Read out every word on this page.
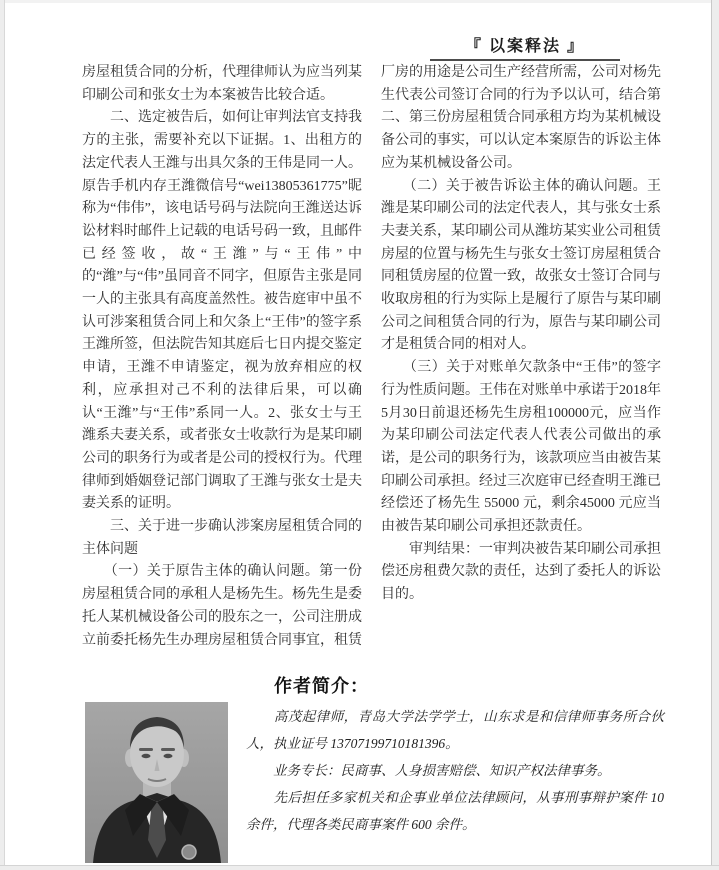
『 以案释法 』

房屋租赁合同的分析，代理律师认为应当列某印刷公司和张女士为本案被告比较合适。

　　二、选定被告后，如何让审判法官支持我方的主张，需要补充以下证据。1、出租方的法定代表人王潍与出具欠条的王伟是同一人。原告手机内存王潍微信号“wei13805361775”昵称为“伟伟”，该电话号码与法院向王潍送达诉讼材料时邮件上记载的电话号码一致，且邮件已经签收，故“王潍”与“王伟”中的“潍”与“伟”虽同音不同字，但原告主张是同一人的主张具有高度盖然性。被告庭审中虽不认可涉案租赁合同上和欠条上“王伟”的签字系王潍所签，但法院告知其庭后七日内提交鉴定申请，王潍不申请鉴定，视为放弃相应的权利，应承担对己不利的法律后果，可以确认“王潍”与“王伟”系同一人。2、张女士与王潍系夫妻关系，或者张女士收款行为是某印刷公司的职务行为或者是公司的授权行为。代理律师到婚姻登记部门调取了王潍与张女士是夫妻关系的证明。

　　三、关于进一步确认涉案房屋租赁合同的主体问题

　　（一）关于原告主体的确认问题。第一份房屋租赁合同的承租人是杨先生。杨先生是委托人某机械设备公司的股东之一，公司注册成立前委托杨先生办理房屋租赁合同事宜，租赁厂房的用途是公司生产经营所需，公司对杨先生代表公司签订合同的行为予以认可，结合第二、第三份房屋租赁合同承租方均为某机械设备公司的事实，可以认定本案原告的诉讼主体应为某机械设备公司。

　　（二）关于被告诉讼主体的确认问题。王潍是某印刷公司的法定代表人，其与张女士系夫妻关系，某印刷公司从潍坊某实业公司租赁房屋的位置与杨先生与张女士签订房屋租赁合同租赁房屋的位置一致，故张女士签订合同与收取房租的行为实际上是履行了原告与某印刷公司之间租赁合同的行为，原告与某印刷公司才是租赁合同的相对人。

　　（三）关于对账单欠款条中“王伟”的签字行为性质问题。王伟在对账单中承诺于2018年5月30日前退还杨先生房租100000元，应当作为某印刷公司法定代表人代表公司做出的承诺，是公司的职务行为，该款项应当由被告某印刷公司承担。经过三次庭审已经查明王潍已经偿还了杨先生 55000 元，剩余45000 元应当由被告某印刷公司承担还款责任。

　　审判结果：一审判决被告某印刷公司承担偿还房租费欠款的责任，达到了委托人的诉讼目的。

作者简介：

　　高茂起律师，青岛大学法学学士，山东求是和信律师事务所合伙人，执业证号 13707199710181396。

　　业务专长：民商事、人身损害赔偿、知识产权法律事务。

　　先后担任多家机关和企事业单位法律顾问，从事刑事辩护案件 10 余件，代理各类民商事案件 600 余件。
